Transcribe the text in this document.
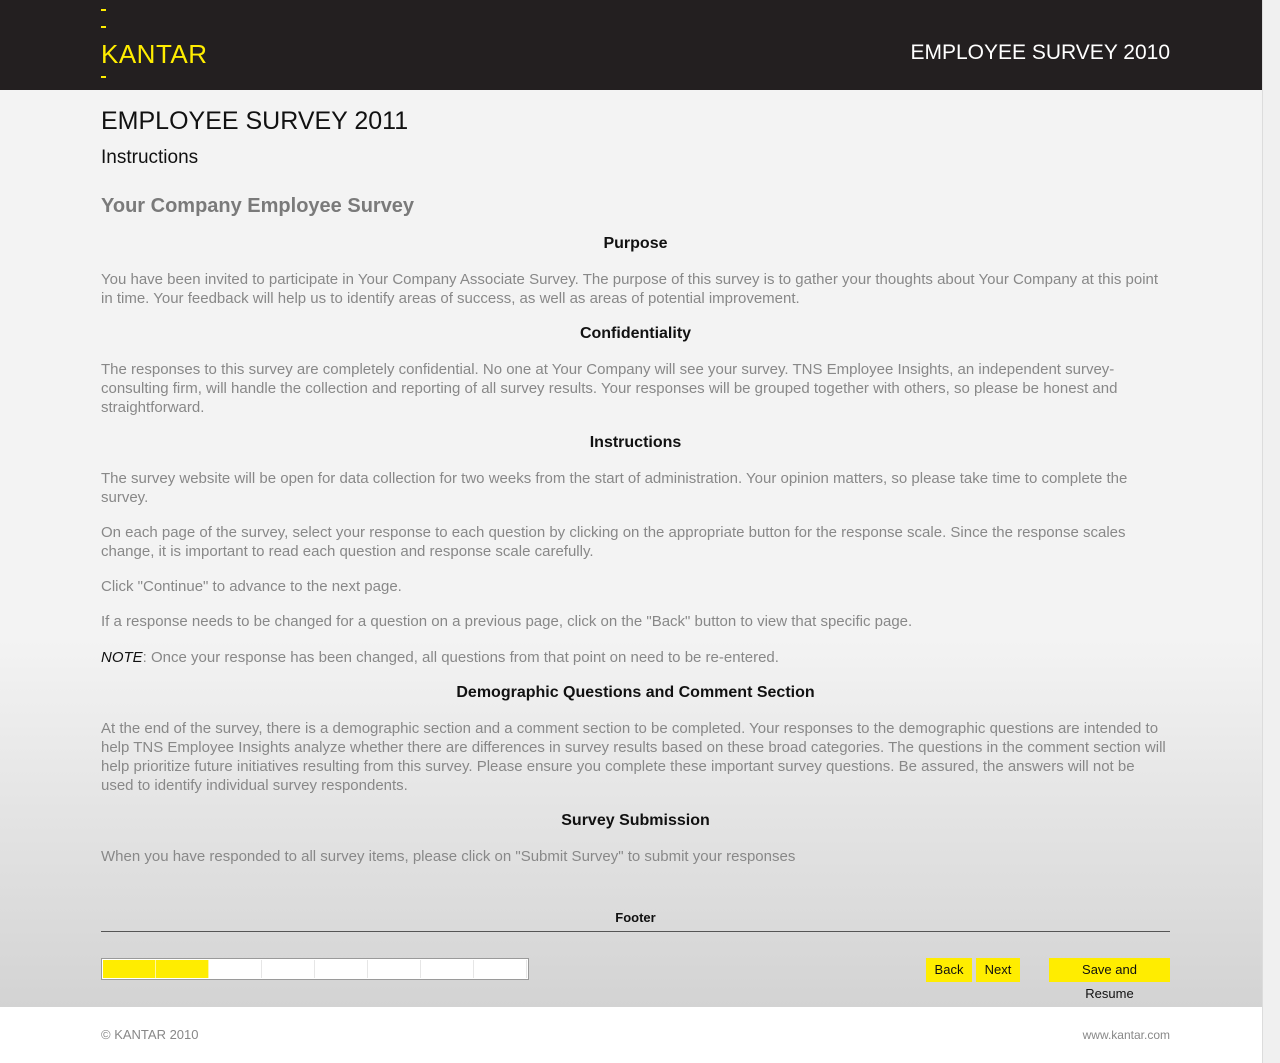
KANTAR	EMPLOYEE SURVEY 2010
EMPLOYEE SURVEY 2011
Instructions
Your Company Employee Survey
Purpose
You have been invited to participate in Your Company Associate Survey. The purpose of this survey is to gather your thoughts about Your Company at this point in time. Your feedback will help us to identify areas of success, as well as areas of potential improvement.
Confidentiality
The responses to this survey are completely confidential. No one at Your Company will see your survey. TNS Employee Insights, an independent survey-consulting firm, will handle the collection and reporting of all survey results. Your responses will be grouped together with others, so please be honest and straightforward.
Instructions
The survey website will be open for data collection for two weeks from the start of administration. Your opinion matters, so please take time to complete the survey.
On each page of the survey, select your response to each question by clicking on the appropriate button for the response scale. Since the response scales change, it is important to read each question and response scale carefully.
Click "Continue" to advance to the next page.
If a response needs to be changed for a question on a previous page, click on the "Back" button to view that specific page.
NOTE: Once your response has been changed, all questions from that point on need to be re-entered.
Demographic Questions and Comment Section
At the end of the survey, there is a demographic section and a comment section to be completed. Your responses to the demographic questions are intended to help TNS Employee Insights analyze whether there are differences in survey results based on these broad categories. The questions in the comment section will help prioritize future initiatives resulting from this survey. Please ensure you complete these important survey questions. Be assured, the answers will not be used to identify individual survey respondents.
Survey Submission
When you have responded to all survey items, please click on "Submit Survey" to submit your responses
Footer
Back	Next	Save and Resume
© KANTAR 2010	www.kantar.com
